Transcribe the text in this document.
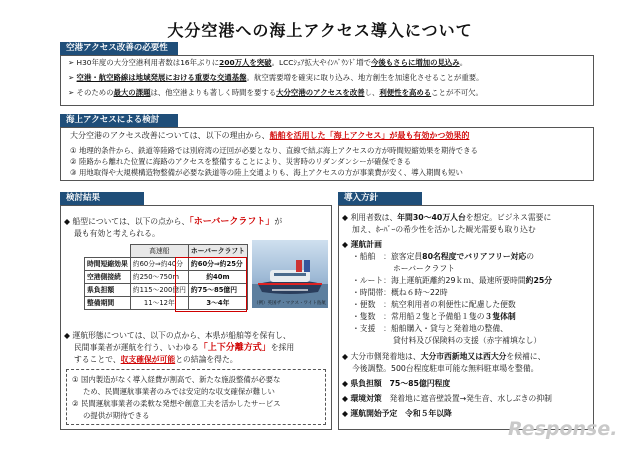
大分空港への海上アクセス導入について
空港アクセス改善の必要性
➢ H30年度の大分空港利用者数は16年ぶりに200万人を突破。LCCｼｪｱ拡大やｲﾝﾊﾞｳﾝﾄﾞ増で今後もさらに増加の見込み。
➢ 空港・航空路線は地域発展における重要な交通基盤。航空需要増を確実に取り込み、地方創生を加速化させることが重要。
➢ そのための最大の課題は、他空港よりも著しく時間を要する大分空港のアクセスを改善し、利便性を高めることが不可欠。
海上アクセスによる検討
大分空港のアクセス改善については、以下の理由から、船舶を活用した「海上アクセス」が最も有効かつ効果的
① 地理的条件から、鉄道等陸路では別府湾の迂回が必要となり、直線で結ぶ海上アクセスの方が時間短縮効果を期待できる
② 陸路から離れた位置に海路のアクセスを整備することにより、災害時のリダンダンシーが確保できる
③ 用地取得や大規模構造物整備が必要な鉄道等の陸上交通よりも、海上アクセスの方が事業費が安く、導入期間も短い
検討結果
◆ 船型については、以下の点から、「ホーバークラフト」が
最も有効と考えられる。
	高速船	ホーバークラフト
時間短縮効果	約60分⇒約40分	約60分⇒約25分
空港側接続	約250～750m	約40m
県負担額	約115～200億円	約75～85億円
整備期間	11～12年	3～4年	（例）英国ザ・マクス・ワイト島航
◆ 運航形態については、以下の点から、本県が船舶等を保有し、
民間事業者が運航を行う、いわゆる「上下分離方式」を採用
することで、収支確保が可能との結論を得た。
① 国内製造がなく導入経費が割高で、新たな施設整備が必要な
ため、民間運航事業者のみでは安定的な収支確保が難しい
② 民間運航事業者の柔軟な発想や創意工夫を活かしたサービス
の提供が期待できる
導入方針
◆ 利用者数は、年間30～40万人台を想定。ビジネス需要に
加え、ﾎｰﾊﾞｰの希少性を活かした観光需要も取り込む
◆ 運航計画
・船舶　：旅客定員80名程度でバリアフリー対応の
ホーバークラフト
・ルート：海上運航距離約29ｋｍ、最速所要時間約25分
・時間帯：概ね６時～22時
・便数　：航空利用者の利便性に配慮した便数
・隻数　：常用船２隻と予備船１隻の３隻体制
・支援　：船舶購入・貸与と発着地の整備、
貸付料及び保険料の支援（赤字補填なし）
◆ 大分市側発着地は、大分市西新地又は西大分を候補に、
今後調整。500台程度駐車可能な無料駐車場を整備。
◆ 県負担額　75～85億円程度
◆ 環境対策　発着地に遮音壁設置→発生音、水しぶきの抑制
◆ 運航開始予定　令和５年以降
Response.
